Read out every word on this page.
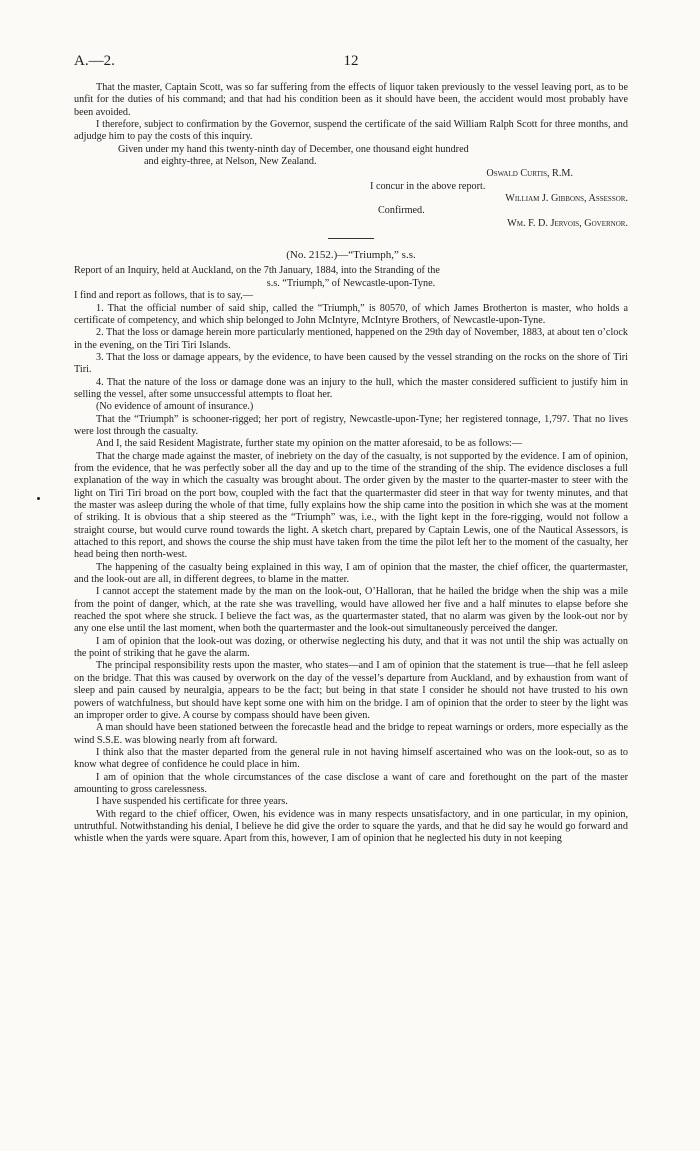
A.—2.	12

That the master, Captain Scott, was so far suffering from the effects of liquor taken previously to the vessel leaving port, as to be unfit for the duties of his command; and that had his condition been as it should have been, the accident would most probably have been avoided.

I therefore, subject to confirmation by the Governor, suspend the certificate of the said William Ralph Scott for three months, and adjudge him to pay the costs of this inquiry.

Given under my hand this twenty-ninth day of December, one thousand eight hundred

and eighty-three, at Nelson, New Zealand.

Oswald Curtis, R.M.

I concur in the above report.

William J. Gibbons, Assessor.

Confirmed.

Wm. F. D. Jervois, Governor.

(No. 2152.)—“Triumph,” s.s.

Report of an Inquiry, held at Auckland, on the 7th January, 1884, into the Stranding of the

s.s. “Triumph,” of Newcastle-upon-Tyne.

I find and report as follows, that is to say,—

1. That the official number of said ship, called the “Triumph,” is 80570, of which James Brotherton is master, who holds a certificate of competency, and which ship belonged to John McIntyre, McIntyre Brothers, of Newcastle-upon-Tyne.

2. That the loss or damage herein more particularly mentioned, happened on the 29th day of November, 1883, at about ten o’clock in the evening, on the Tiri Tiri Islands.

3. That the loss or damage appears, by the evidence, to have been caused by the vessel stranding on the rocks on the shore of Tiri Tiri.

4. That the nature of the loss or damage done was an injury to the hull, which the master considered sufficient to justify him in selling the vessel, after some unsuccessful attempts to float her.

(No evidence of amount of insurance.)

That the “Triumph” is schooner-rigged; her port of registry, Newcastle-upon-Tyne; her registered tonnage, 1,797. That no lives were lost through the casualty.

And I, the said Resident Magistrate, further state my opinion on the matter aforesaid, to be as follows:—

That the charge made against the master, of inebriety on the day of the casualty, is not supported by the evidence. I am of opinion, from the evidence, that he was perfectly sober all the day and up to the time of the stranding of the ship. The evidence discloses a full explanation of the way in which the casualty was brought about. The order given by the master to the quarter-master to steer with the light on Tiri Tiri broad on the port bow, coupled with the fact that the quartermaster did steer in that way for twenty minutes, and that the master was asleep during the whole of that time, fully explains how the ship came into the position in which she was at the moment of striking. It is obvious that a ship steered as the “Triumph” was, i.e., with the light kept in the fore-rigging, would not follow a straight course, but would curve round towards the light. A sketch chart, prepared by Captain Lewis, one of the Nautical Assessors, is attached to this report, and shows the course the ship must have taken from the time the pilot left her to the moment of the casualty, her head being then north-west.

The happening of the casualty being explained in this way, I am of opinion that the master, the chief officer, the quartermaster, and the look-out are all, in different degrees, to blame in the matter.

I cannot accept the statement made by the man on the look-out, O’Halloran, that he hailed the bridge when the ship was a mile from the point of danger, which, at the rate she was travelling, would have allowed her five and a half minutes to elapse before she reached the spot where she struck. I believe the fact was, as the quartermaster stated, that no alarm was given by the look-out nor by any one else until the last moment, when both the quartermaster and the look-out simultaneously perceived the danger.

I am of opinion that the look-out was dozing, or otherwise neglecting his duty, and that it was not until the ship was actually on the point of striking that he gave the alarm.

The principal responsibility rests upon the master, who states—and I am of opinion that the statement is true—that he fell asleep on the bridge. That this was caused by overwork on the day of the vessel’s departure from Auckland, and by exhaustion from want of sleep and pain caused by neuralgia, appears to be the fact; but being in that state I consider he should not have trusted to his own powers of watchfulness, but should have kept some one with him on the bridge. I am of opinion that the order to steer by the light was an improper order to give. A course by compass should have been given.

A man should have been stationed between the forecastle head and the bridge to repeat warnings or orders, more especially as the wind S.S.E. was blowing nearly from aft forward.

I think also that the master departed from the general rule in not having himself ascertained who was on the look-out, so as to know what degree of confidence he could place in him.

I am of opinion that the whole circumstances of the case disclose a want of care and forethought on the part of the master amounting to gross carelessness.

I have suspended his certificate for three years.

With regard to the chief officer, Owen, his evidence was in many respects unsatisfactory, and in one particular, in my opinion, untruthful. Notwithstanding his denial, I believe he did give the order to square the yards, and that he did say he would go forward and whistle when the yards were square. Apart from this, however, I am of opinion that he neglected his duty in not keeping
